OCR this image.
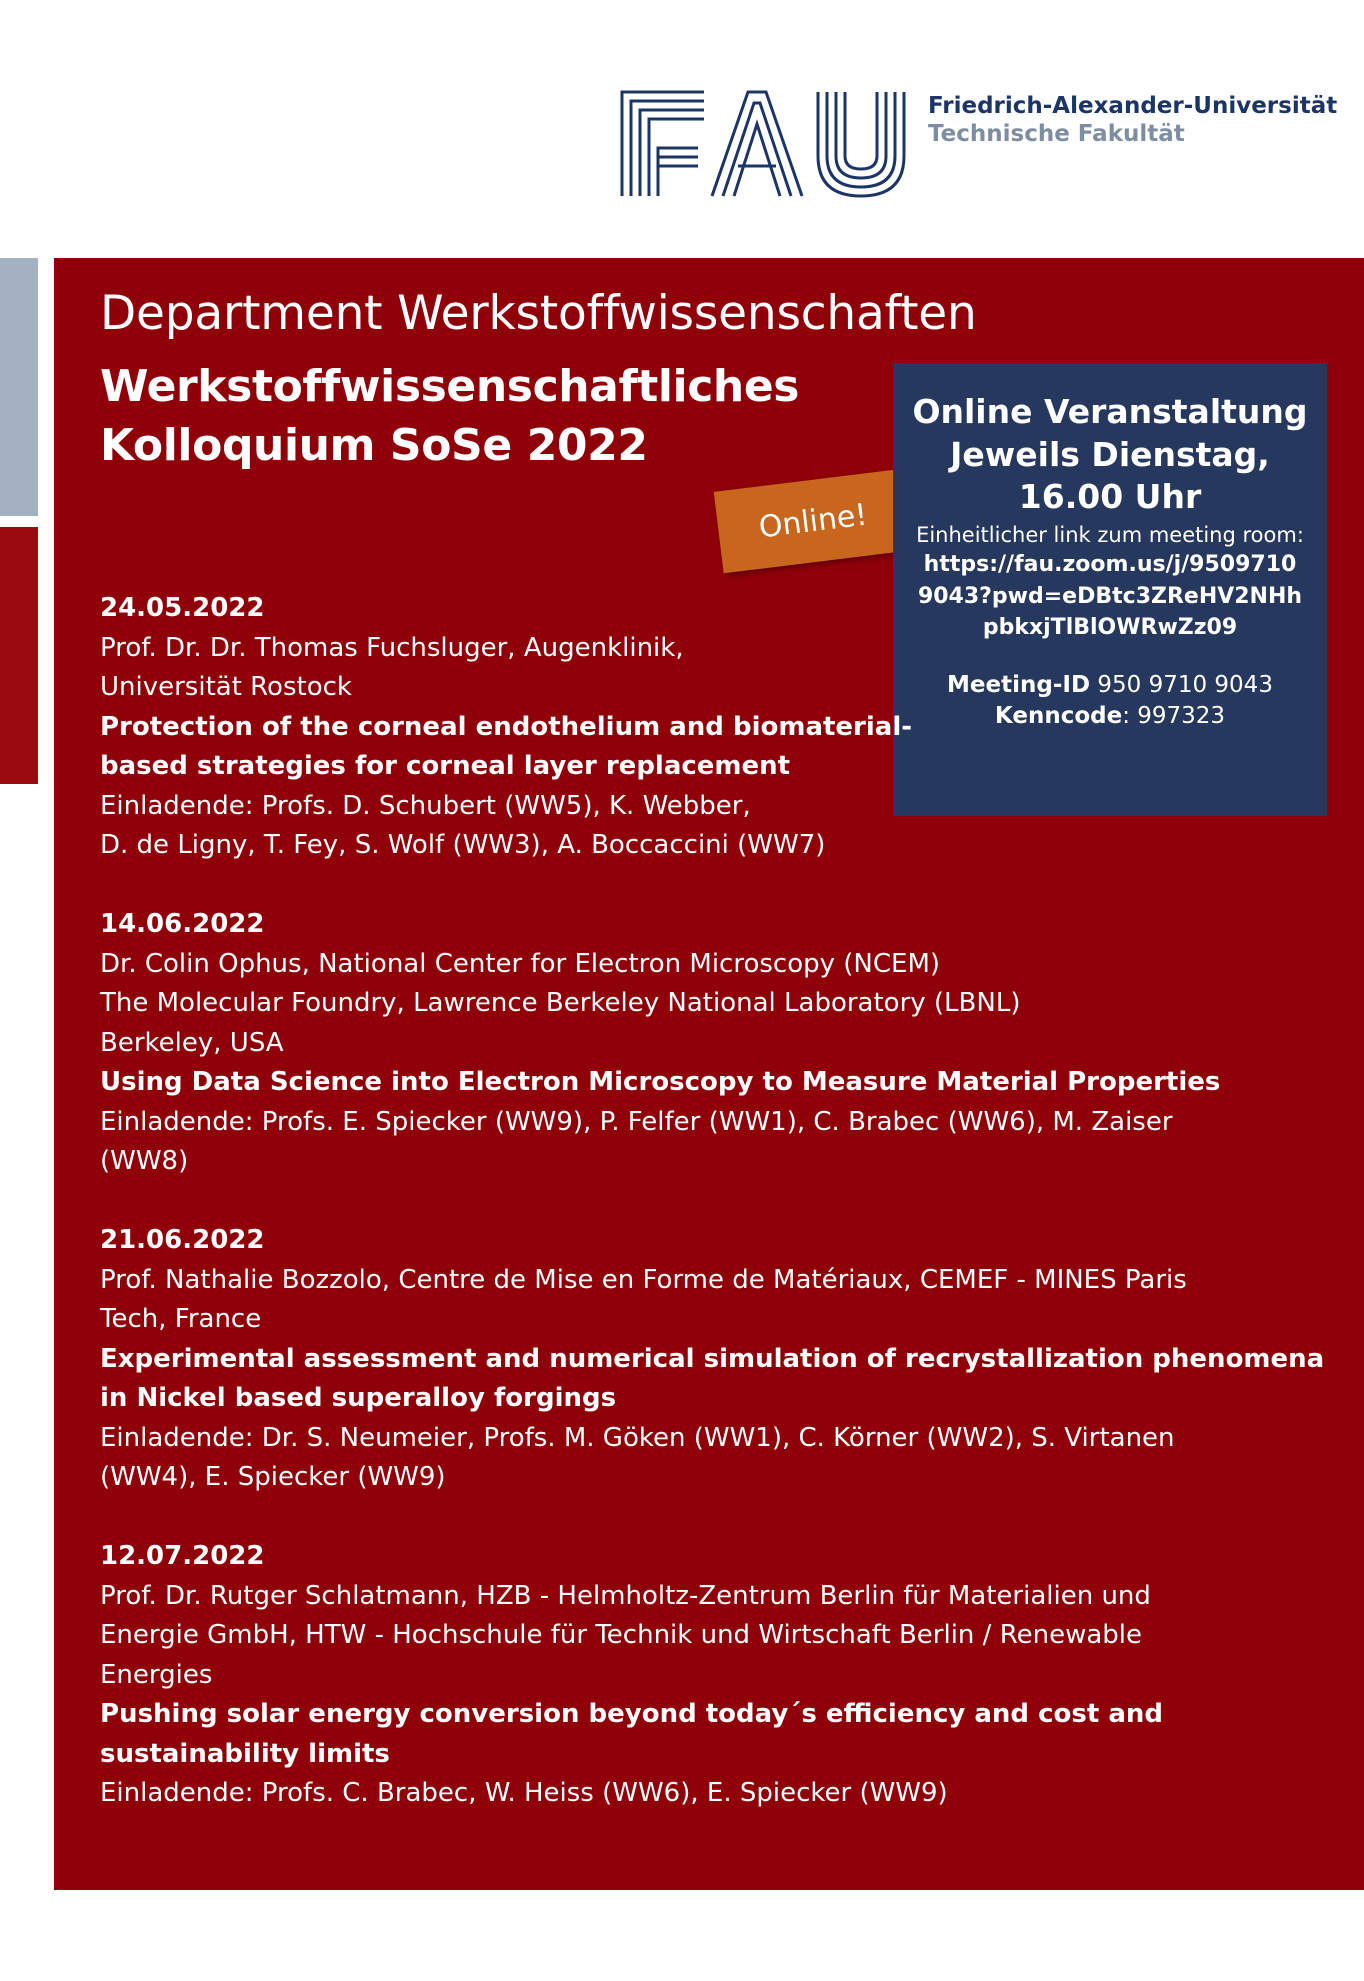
FAU
Friedrich-Alexander-Universität
Technische Fakultät
Department Werkstoffwissenschaften
Werkstoffwissenschaftliches
Kolloquium SoSe 2022
Online!
Online Veranstaltung
Jeweils Dienstag,
16.00 Uhr
Einheitlicher link zum meeting room:
https://fau.zoom.us/j/9509710
9043?pwd=eDBtc3ZReHV2NHh
pbkxjTlBlOWRwZz09
Meeting-ID 950 9710 9043
Kenncode: 997323
24.05.2022
Prof. Dr. Dr. Thomas Fuchsluger, Augenklinik,
Universität Rostock
Protection of the corneal endothelium and biomaterial-
based strategies for corneal layer replacement
Einladende: Profs. D. Schubert (WW5), K. Webber,
D. de Ligny, T. Fey, S. Wolf (WW3), A. Boccaccini (WW7)
14.06.2022
Dr. Colin Ophus, National Center for Electron Microscopy (NCEM)
The Molecular Foundry, Lawrence Berkeley National Laboratory (LBNL)
Berkeley, USA
Using Data Science into Electron Microscopy to Measure Material Properties
Einladende: Profs. E. Spiecker (WW9), P. Felfer (WW1), C. Brabec (WW6), M. Zaiser
(WW8)
21.06.2022
Prof. Nathalie Bozzolo, Centre de Mise en Forme de Matériaux, CEMEF - MINES Paris
Tech, France
Experimental assessment and numerical simulation of recrystallization phenomena
in Nickel based superalloy forgings
Einladende: Dr. S. Neumeier, Profs. M. Göken (WW1), C. Körner (WW2), S. Virtanen
(WW4), E. Spiecker (WW9)
12.07.2022
Prof. Dr. Rutger Schlatmann, HZB - Helmholtz-Zentrum Berlin für Materialien und
Energie GmbH, HTW - Hochschule für Technik und Wirtschaft Berlin / Renewable
Energies
Pushing solar energy conversion beyond today´s efficiency and cost and
sustainability limits
Einladende: Profs. C. Brabec, W. Heiss (WW6), E. Spiecker (WW9)
